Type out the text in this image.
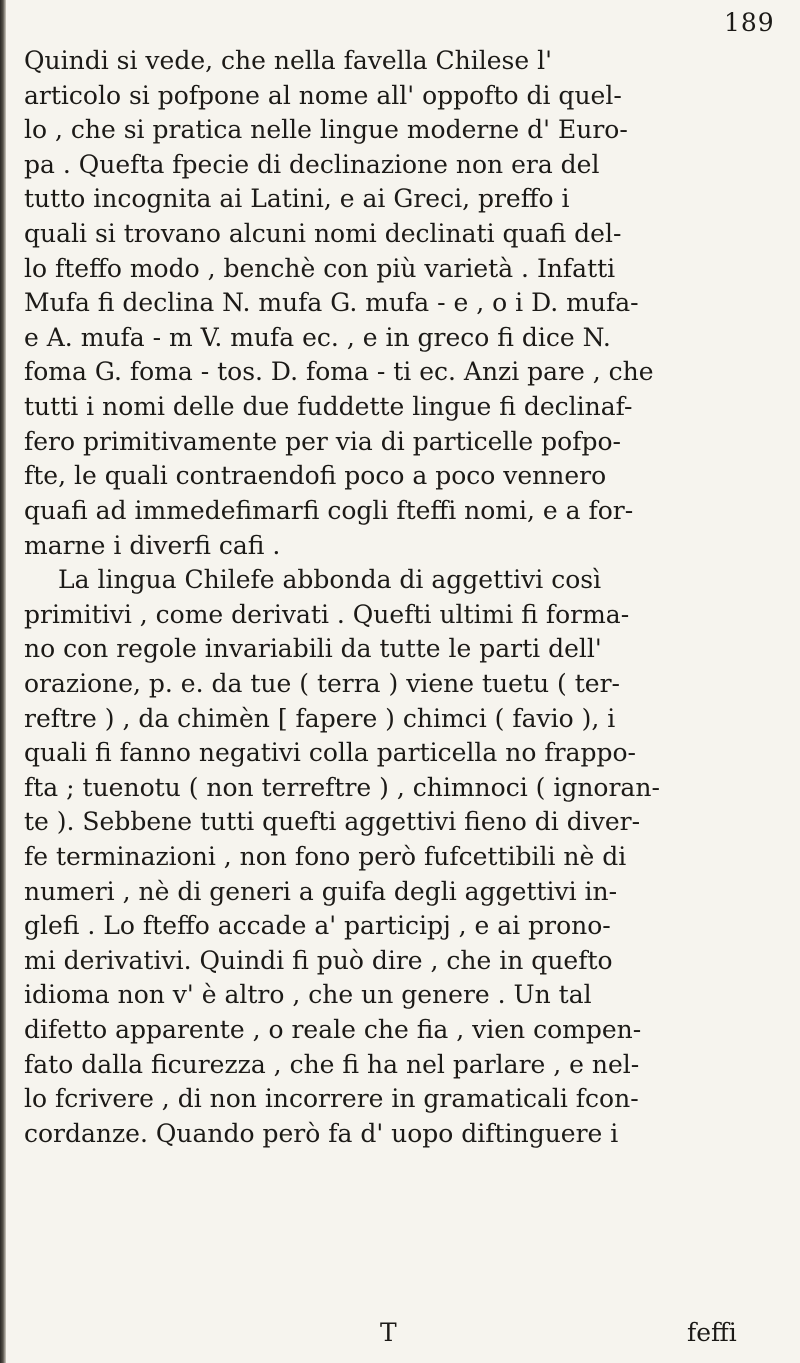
189
Quindi si vede, che nella favella Chilese l'
articolo si pofpone al nome all' oppofto di quel-
lo , che si pratica nelle lingue moderne d' Euro-
pa . Quefta fpecie di declinazione non era del
tutto incognita ai Latini, e ai Greci, preffo i
quali si trovano alcuni nomi declinati quafi del-
lo fteffo modo , benchè con più varietà . Infatti
Mufa fi declina N. mufa G. mufa - e , o i D. mufa-
e A. mufa - m V. mufa ec. , e in greco fi dice N.
foma G. foma - tos. D. foma - ti ec. Anzi pare , che
tutti i nomi delle due fuddette lingue fi declinaf-
fero primitivamente per via di particelle pofpo-
fte, le quali contraendofi poco a poco vennero
quafi ad immedefimarfi cogli fteffi nomi, e a for-
marne i diverfi cafi .
La lingua Chilefe abbonda di aggettivi così
primitivi , come derivati . Quefti ultimi fi forma-
no con regole invariabili da tutte le parti dell'
orazione, p. e. da tue ( terra ) viene tuetu ( ter-
reftre ) , da chimèn [ fapere ) chimci ( favio ), i
quali fi fanno negativi colla particella no frappo-
fta ; tuenotu ( non terreftre ) , chimnoci ( ignoran-
te ). Sebbene tutti quefti aggettivi fieno di diver-
fe terminazioni , non fono però fufcettibili nè di
numeri , nè di generi a guifa degli aggettivi in-
glefi . Lo fteffo accade a' participj , e ai prono-
mi derivativi. Quindi fi può dire , che in quefto
idioma non v' è altro , che un genere . Un tal
difetto apparente , o reale che fia , vien compen-
fato dalla ficurezza , che fi ha nel parlare , e nel-
lo fcrivere , di non incorrere in gramaticali fcon-
cordanze. Quando però fa d' uopo diftinguere i
T	feffi
